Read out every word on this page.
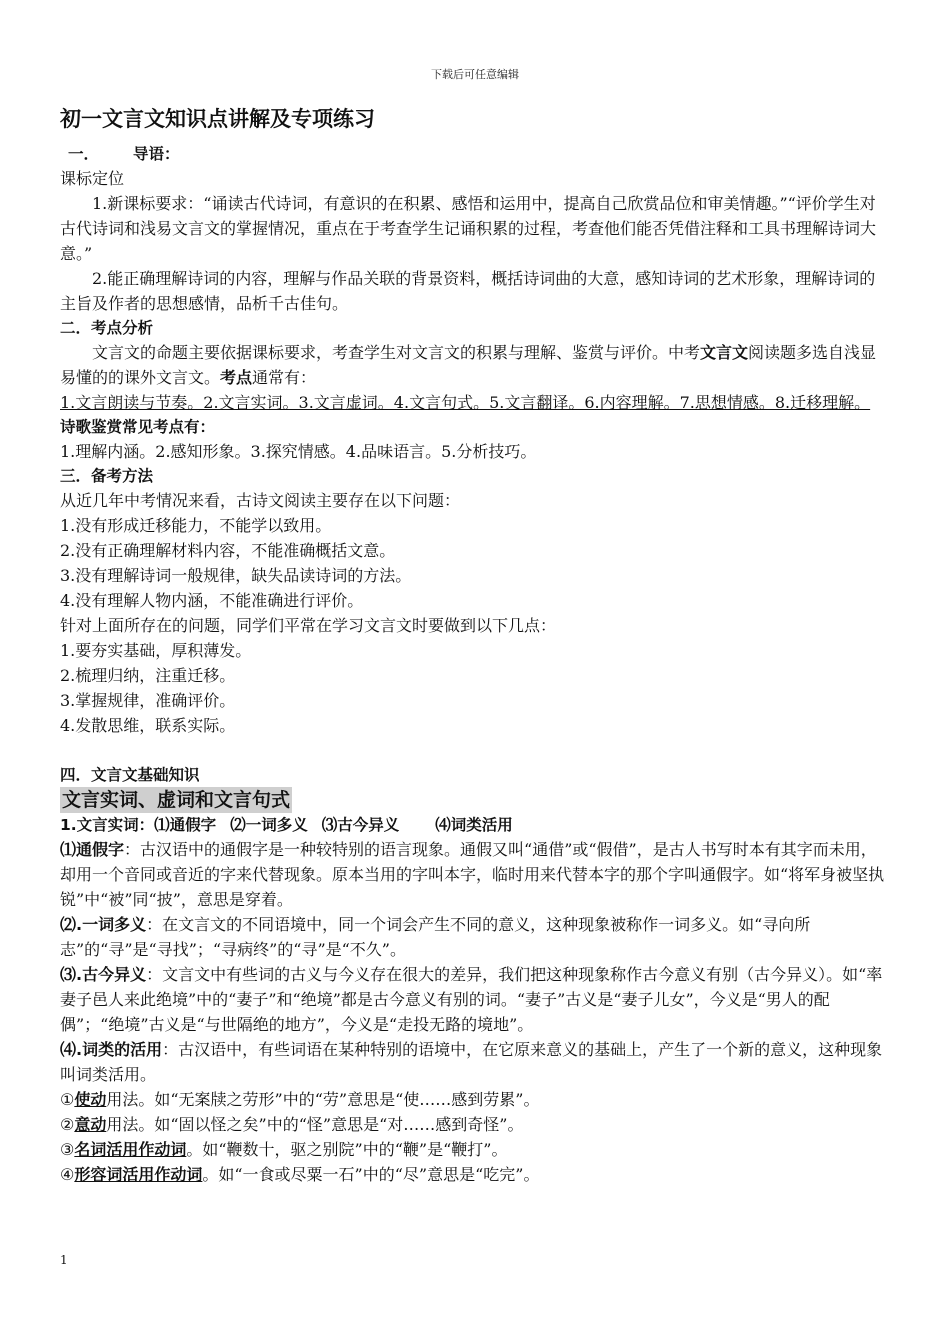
下载后可任意编辑
初一文言文知识点讲解及专项练习

一． 导语：

课标定位

1.新课标要求：“诵读古代诗词，有意识的在积累、感悟和运用中，提高自己欣赏品位和审美情趣。”“评价学生对古代诗词和浅易文言文的掌握情况，重点在于考查学生记诵积累的过程，考查他们能否凭借注释和工具书理解诗词大意。”

2.能正确理解诗词的内容，理解与作品关联的背景资料，概括诗词曲的大意，感知诗词的艺术形象，理解诗词的主旨及作者的思想感情，品析千古佳句。

二．考点分析

文言文的命题主要依据课标要求，考查学生对文言文的积累与理解、鉴赏与评价。中考文言文阅读题多选自浅显易懂的的课外文言文。考点通常有：

1.文言朗读与节奏。2.文言实词。3.文言虚词。4.文言句式。5.文言翻译。6.内容理解。7.思想情感。8.迁移理解。

诗歌鉴赏常见考点有：

1.理解内涵。2.感知形象。3.探究情感。4.品味语言。5.分析技巧。

三．备考方法

从近几年中考情况来看，古诗文阅读主要存在以下问题：

1.没有形成迁移能力，不能学以致用。

2.没有正确理解材料内容，不能准确概括文意。

3.没有理解诗词一般规律，缺失品读诗词的方法。

4.没有理解人物内涵，不能准确进行评价。

针对上面所存在的问题，同学们平常在学习文言文时要做到以下几点：

1.要夯实基础，厚积薄发。

2.梳理归纳，注重迁移。

3.掌握规律，准确评价。

4.发散思维，联系实际。

四．文言文基础知识

文言实词、虚词和文言句式

1.文言实词：⑴通假字 ⑵一词多义 ⑶古今异义 ⑷词类活用

⑴通假字：古汉语中的通假字是一种较特别的语言现象。通假又叫“通借”或“假借”，是古人书写时本有其字而未用，却用一个音同或音近的字来代替现象。原本当用的字叫本字，临时用来代替本字的那个字叫通假字。如“将军身被坚执锐”中“被”同“披”，意思是穿着。

⑵.一词多义：在文言文的不同语境中，同一个词会产生不同的意义，这种现象被称作一词多义。如“寻向所志”的“寻”是“寻找”；“寻病终”的“寻”是“不久”。

⑶.古今异义：文言文中有些词的古义与今义存在很大的差异，我们把这种现象称作古今意义有别（古今异义）。如“率妻子邑人来此绝境”中的“妻子”和“绝境”都是古今意义有别的词。“妻子”古义是“妻子儿女”，今义是“男人的配偶”；“绝境”古义是“与世隔绝的地方”，今义是“走投无路的境地”。

⑷.词类的活用：古汉语中，有些词语在某种特别的语境中，在它原来意义的基础上，产生了一个新的意义，这种现象叫词类活用。

①使动用法。如“无案牍之劳形”中的“劳”意思是“使……感到劳累”。

②意动用法。如“固以怪之矣”中的“怪”意思是“对……感到奇怪”。

③名词活用作动词。如“鞭数十，驱之别院”中的“鞭”是“鞭打”。

④形容词活用作动词。如“一食或尽粟一石”中的“尽”意思是“吃完”。

1
